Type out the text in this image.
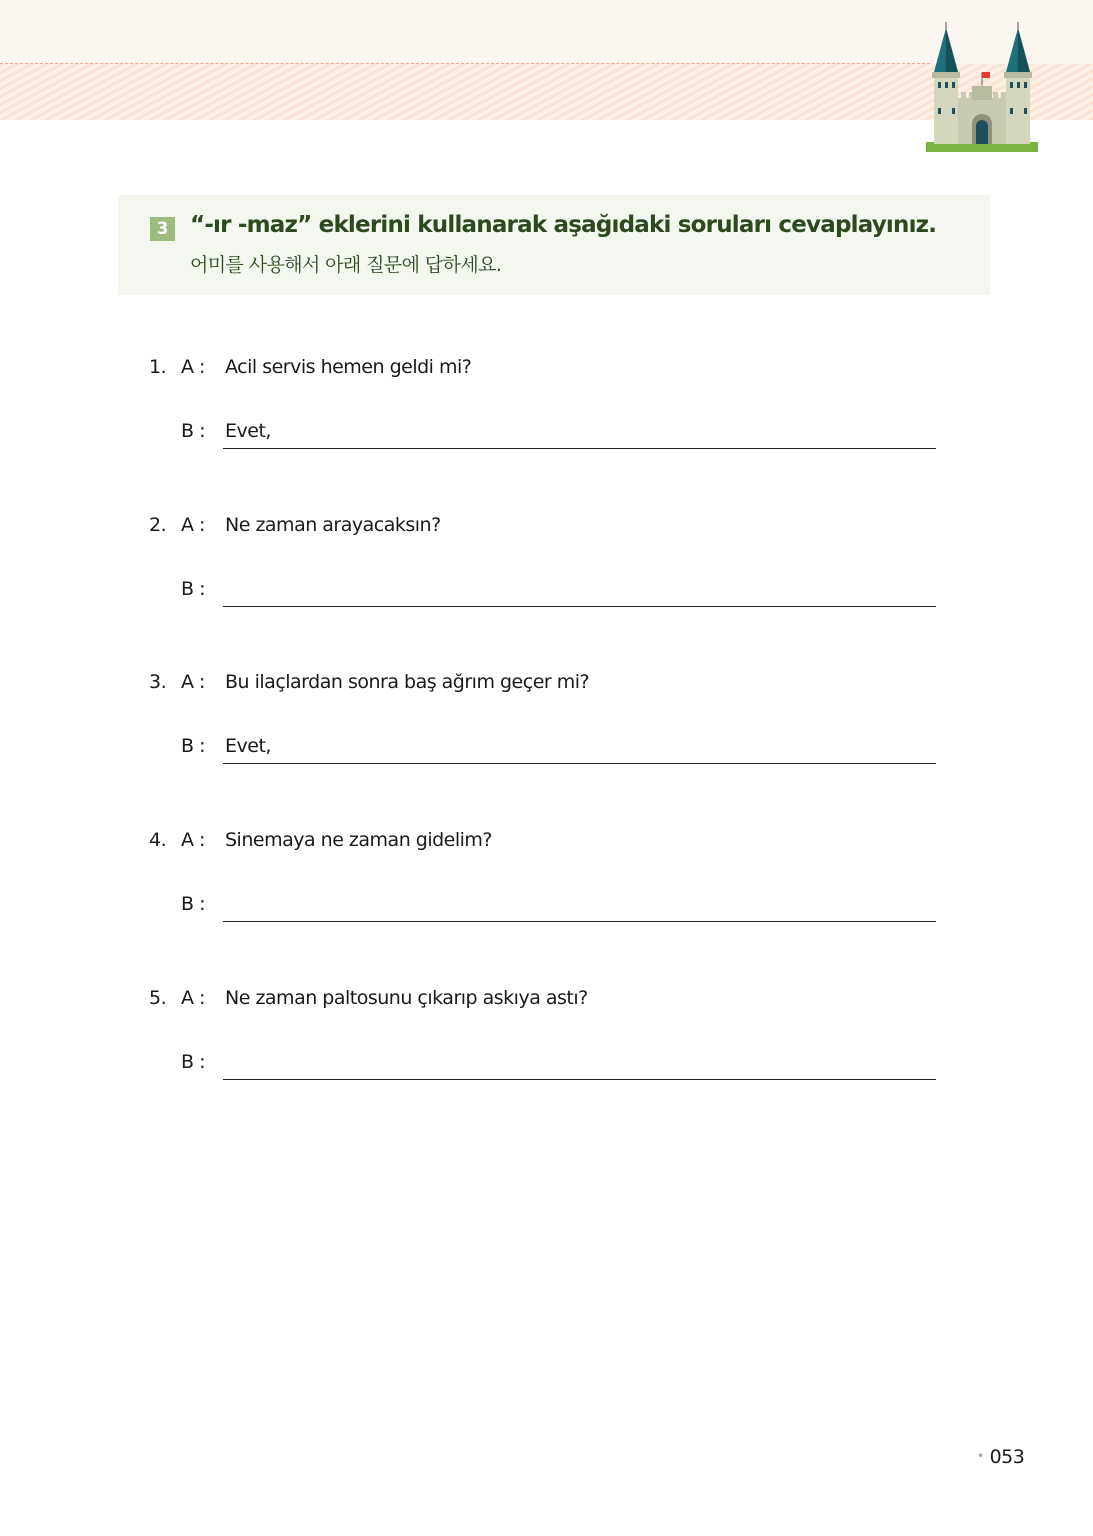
3 “-ır -maz” eklerini kullanarak aşağıdaki soruları cevaplayınız.
어미를 사용해서 아래 질문에 답하세요.
1. A : Acil servis hemen geldi mi?
B : Evet,
2. A : Ne zaman arayacaksın?
B :
3. A : Bu ilaçlardan sonra baş ağrım geçer mi?
B : Evet,
4. A : Sinemaya ne zaman gidelim?
B :
5. A : Ne zaman paltosunu çıkarıp askıya astı?
B :
• 053
